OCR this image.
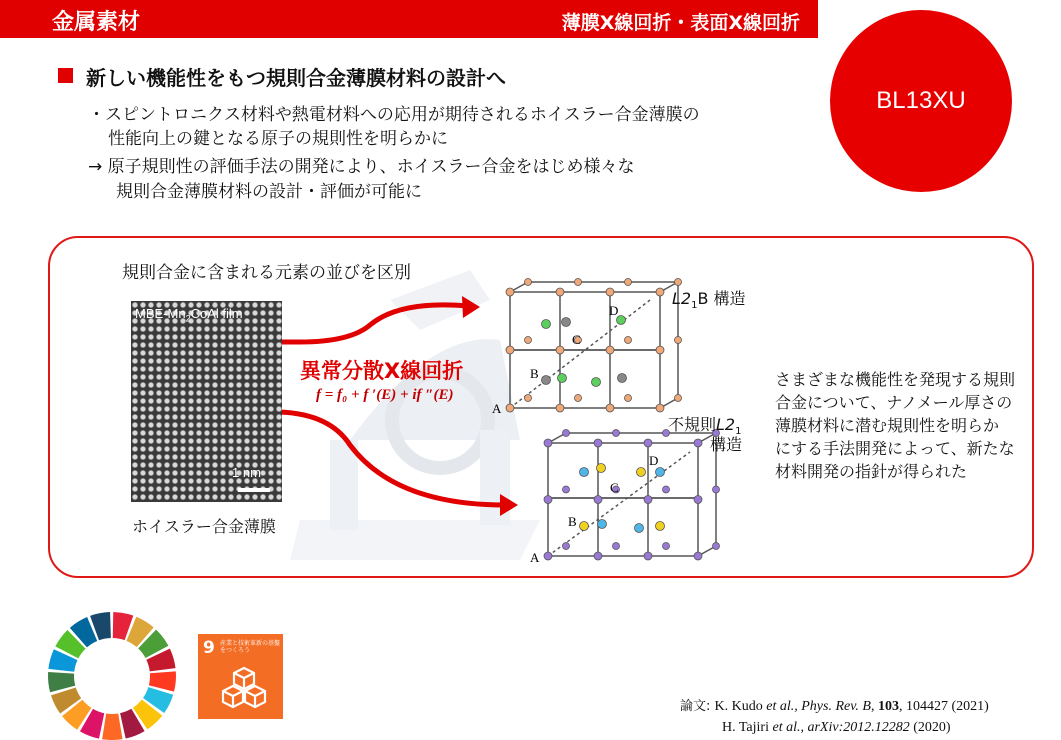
金属素材	薄膜X線回折・表面X線回折
BL13XU
新しい機能性をもつ規則合金薄膜材料の設計へ
・スピントロニクス材料や熱電材料への応用が期待されるホイスラー合金薄膜の
性能向上の鍵となる原子の規則性を明らかに
→ 原子規則性の評価手法の開発により、ホイスラー合金をはじめ様々な
規則合金薄膜材料の設計・評価が可能に
規則合金に含まれる元素の並びを区別
A
B
C
D
A
B
C
D
MBE-$Mn_2CoAl$ film
1 nm
ホイスラー合金薄膜
異常分散X線回折
f = f₀ + f ′(E) + if ″(E)
$L2_1B$ 構造
不規則$L2_1$
構造
さまざまな機能性を発現する規則
合金について、ナノメール厚さの
薄膜材料に潜む規則性を明らか
にする手法開発によって、新たな
材料開発の指針が得られた
9 産業と技術革新の基盤をつくろう
論文: K. Kudo et al., Phys. Rev. B, 103, 104427 (2021)
H. Tajiri et al., arXiv:2012.12282 (2020)
